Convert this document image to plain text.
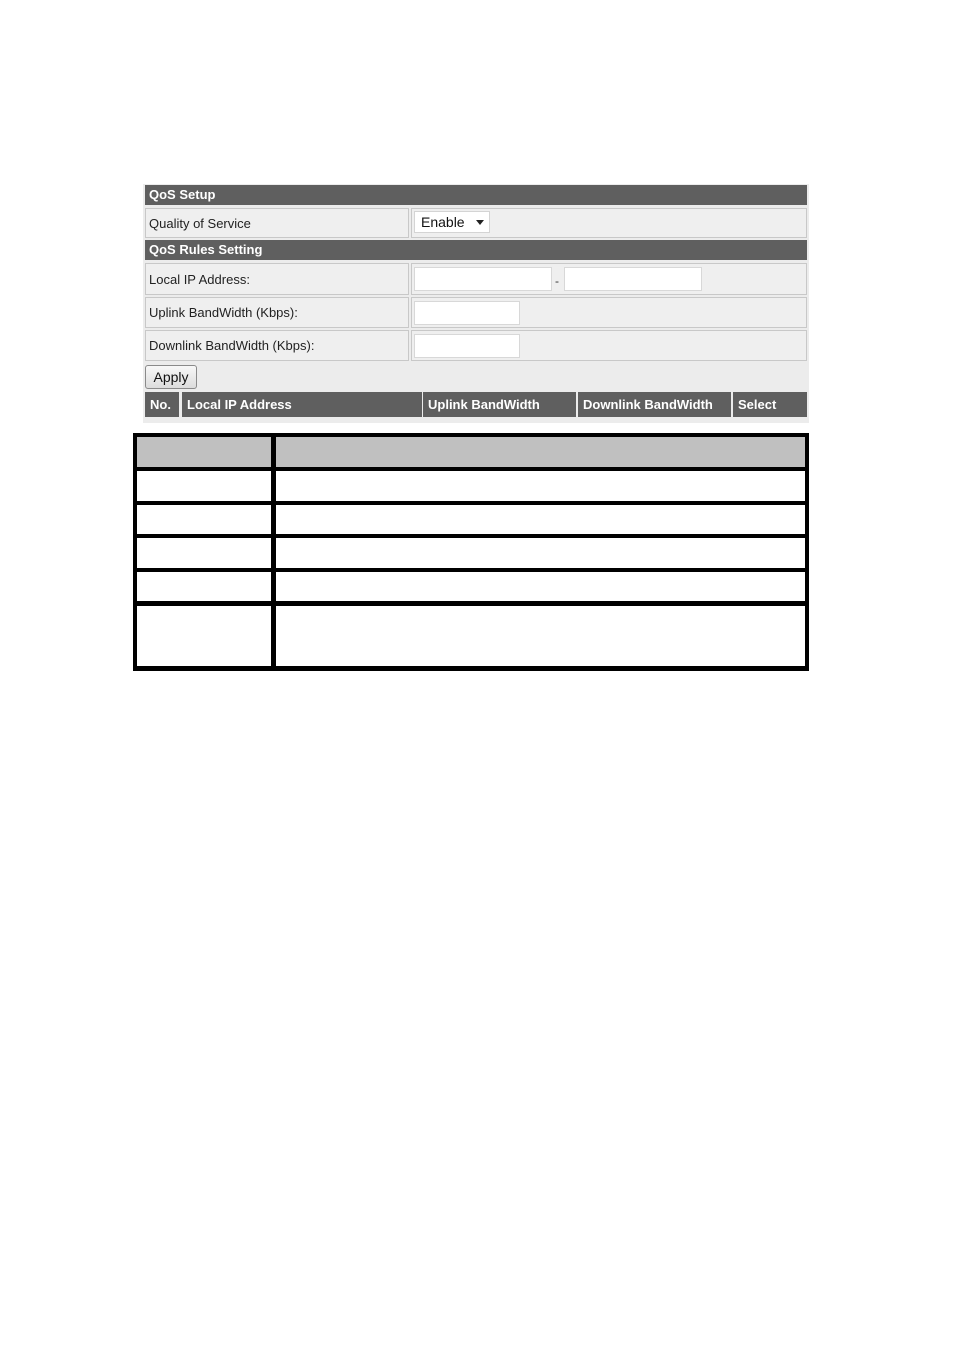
QoS Setup
Quality of Service	Enable
QoS Rules Setting
Local IP Address:	-
Uplink BandWidth (Kbps):
Downlink BandWidth (Kbps):
Apply
No.	Local IP Address	Uplink BandWidth	Downlink BandWidth	Select
